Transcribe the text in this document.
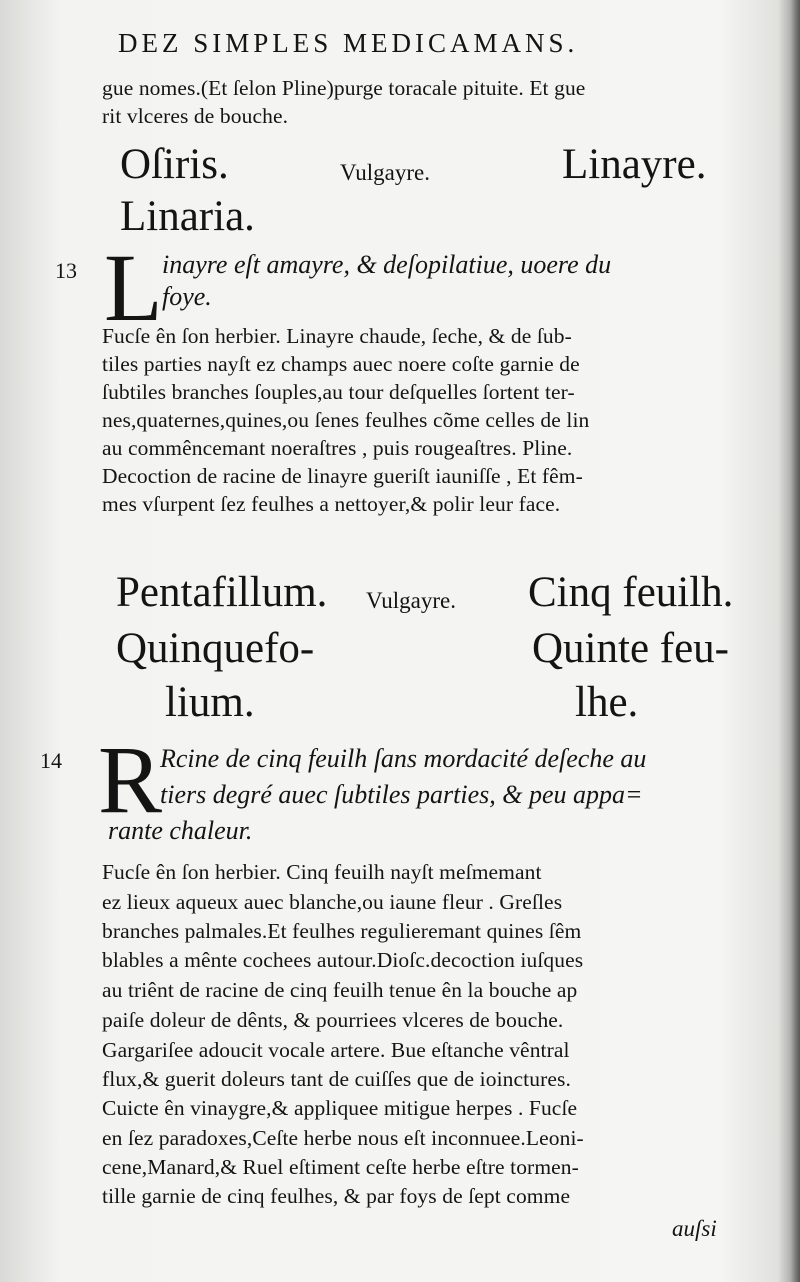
DEZ SIMPLES MEDICAMANS.
gue nomes.(Et ſelon Pline)purge toracale pituite. Et gue
rit vlceres de bouche.
Oſiris.	Vulgayre.	Linayre.
Linaria.
13 L inayre eſt amayre, & deſopilatiue, uoere du
foye.
Fucſe ên ſon herbier. Linayre chaude, ſeche, & de ſub-
tiles parties nayſt ez champs auec noere coſte garnie de
ſubtiles branches ſouples,au tour deſquelles ſortent ter-
nes,quaternes,quines,ou ſenes feulhes cõme celles de lin
au commêncemant noeraſtres , puis rougeaſtres. Pline.
Decoction de racine de linayre gueriſt iauniſſe , Et fêm-
mes vſurpent ſez feulhes a nettoyer,& polir leur face.
Pentafillum. Vulgayre. Cinq feuilh.
Quinquefo-	Quinte feu-
lium.	lhe.
14 R
Rcine de cinq feuilh ſans mordacité deſeche au
tiers degré auec ſubtiles parties, & peu appa=
rante chaleur.
Fucſe ên ſon herbier. Cinq feuilh nayſt meſmemant
ez lieux aqueux auec blanche,ou iaune fleur . Greſles
branches palmales.Et feulhes regulieremant quines ſêm
blables a mênte cochees autour.Dioſc.decoction iuſques
au triênt de racine de cinq feuilh tenue ên la bouche ap
paiſe doleur de dênts, & pourriees vlceres de bouche.
Gargariſee adoucit vocale artere. Bue eſtanche vêntral
flux,& guerit doleurs tant de cuiſſes que de ioinctures.
Cuicte ên vinaygre,& appliquee mitigue herpes . Fucſe
en ſez paradoxes,Ceſte herbe nous eſt inconnuee.Leoni-
cene,Manard,& Ruel eſtiment ceſte herbe eſtre tormen-
tille garnie de cinq feulhes, & par foys de ſept comme
auſsi
